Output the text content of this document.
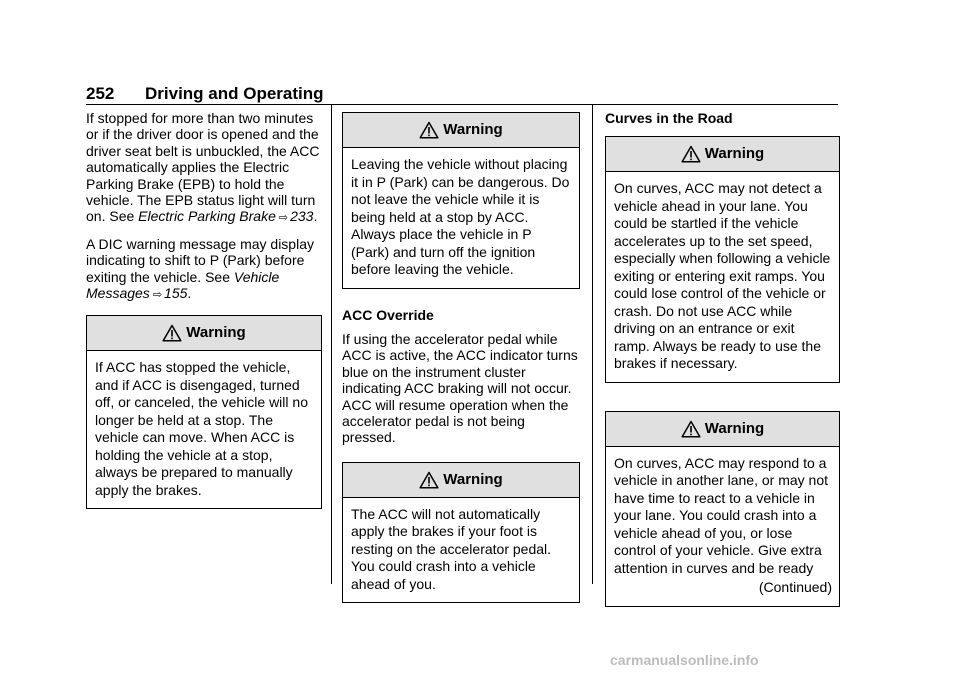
252 Driving and Operating

If stopped for more than two minutes or if the driver door is opened and the driver seat belt is unbuckled, the ACC automatically applies the Electric Parking Brake (EPB) to hold the vehicle. The EPB status light will turn on. See Electric Parking Brake ⇨ 233.

A DIC warning message may display indicating to shift to P (Park) before exiting the vehicle. See Vehicle Messages ⇨ 155.

Warning
If ACC has stopped the vehicle, and if ACC is disengaged, turned off, or canceled, the vehicle will no longer be held at a stop. The vehicle can move. When ACC is holding the vehicle at a stop, always be prepared to manually apply the brakes.
Warning
Leaving the vehicle without placing it in P (Park) can be dangerous. Do not leave the vehicle while it is being held at a stop by ACC. Always place the vehicle in P (Park) and turn off the ignition before leaving the vehicle.

ACC Override

If using the accelerator pedal while ACC is active, the ACC indicator turns blue on the instrument cluster indicating ACC braking will not occur. ACC will resume operation when the accelerator pedal is not being pressed.

Warning
The ACC will not automatically apply the brakes if your foot is resting on the accelerator pedal. You could crash into a vehicle ahead of you.

Curves in the Road

Warning
On curves, ACC may not detect a vehicle ahead in your lane. You could be startled if the vehicle accelerates up to the set speed, especially when following a vehicle exiting or entering exit ramps. You could lose control of the vehicle or crash. Do not use ACC while driving on an entrance or exit ramp. Always be ready to use the brakes if necessary.
Warning
On curves, ACC may respond to a vehicle in another lane, or may not have time to react to a vehicle in your lane. You could crash into a vehicle ahead of you, or lose control of your vehicle. Give extra attention in curves and be ready
(Continued)
carmanualsonline.info
